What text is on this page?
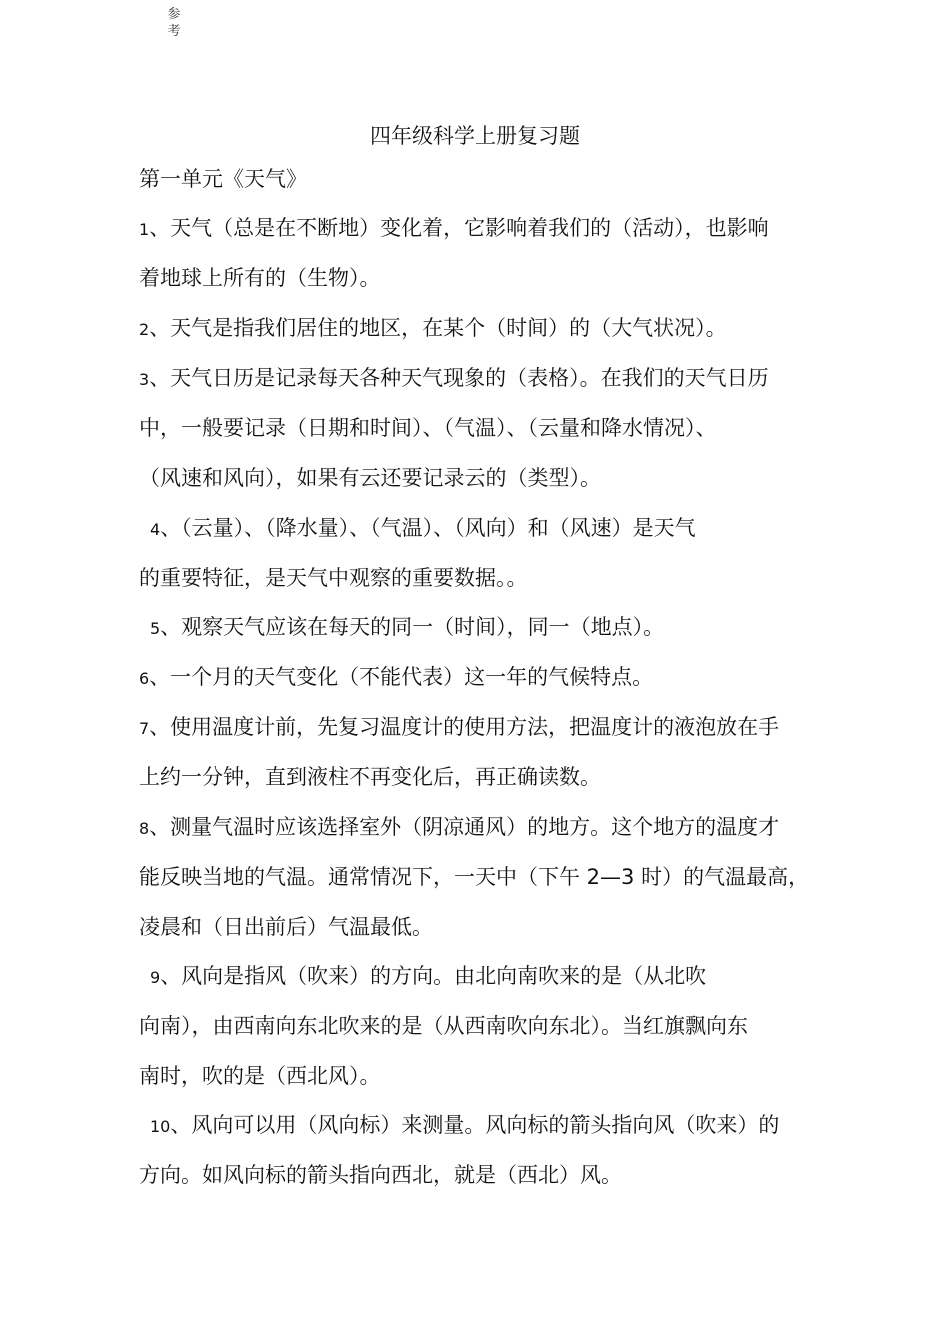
参
考
四年级科学上册复习题
第一单元《天气》
1、天气（总是在不断地）变化着，它影响着我们的（活动），也影响
着地球上所有的（生物）。
2、天气是指我们居住的地区，在某个（时间）的（大气状况）。
3、天气日历是记录每天各种天气现象的（表格）。在我们的天气日历
中，一般要记录（日期和时间）、（气温）、（云量和降水情况）、
（风速和风向），如果有云还要记录云的（类型）。
4、（云量）、（降水量）、（气温）、（风向）和（风速）是天气
的重要特征，是天气中观察的重要数据。。
5、观察天气应该在每天的同一（时间），同一（地点）。
6、一个月的天气变化（不能代表）这一年的气候特点。
7、使用温度计前，先复习温度计的使用方法，把温度计的液泡放在手
上约一分钟，直到液柱不再变化后，再正确读数。
8、测量气温时应该选择室外（阴凉通风）的地方。这个地方的温度才
能反映当地的气温。通常情况下，一天中（下午 2—3 时）的气温最高，
凌晨和（日出前后）气温最低。
9、风向是指风（吹来）的方向。由北向南吹来的是（从北吹
向南），由西南向东北吹来的是（从西南吹向东北）。当红旗飘向东
南时，吹的是（西北风）。
10、风向可以用（风向标）来测量。风向标的箭头指向风（吹来）的
方向。如风向标的箭头指向西北，就是（西北）风。
